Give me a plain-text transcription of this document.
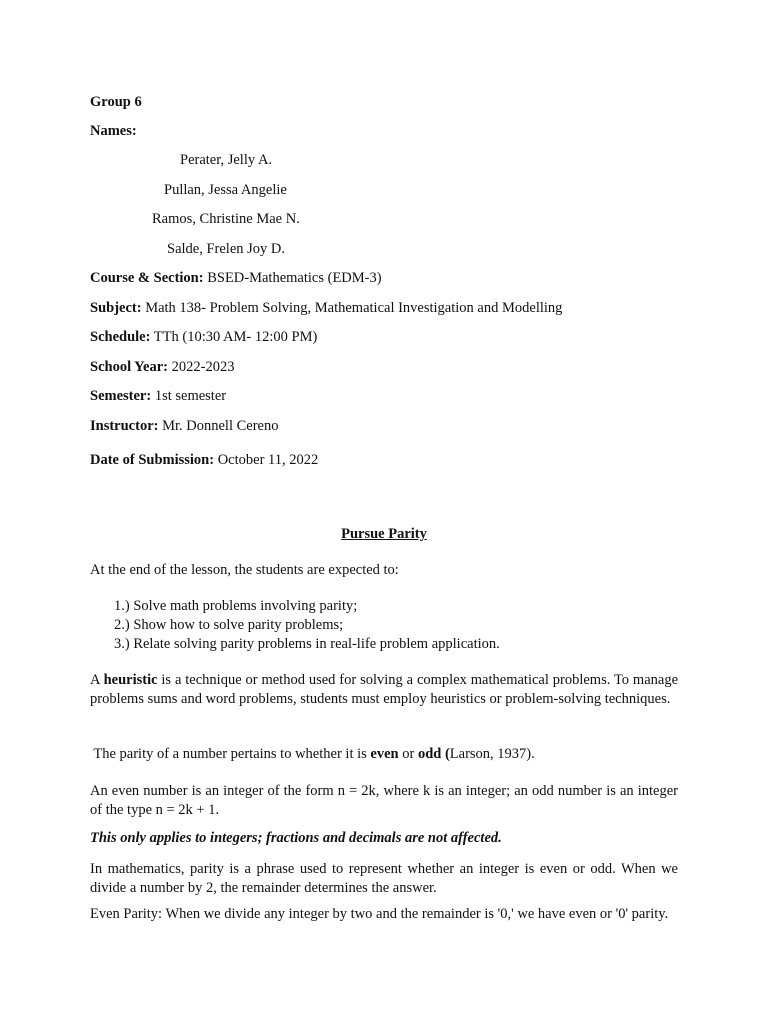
Group 6
Names:
Perater, Jelly A.
Pullan, Jessa Angelie
Ramos, Christine Mae N.
Salde, Frelen Joy D.
Course & Section: BSED-Mathematics (EDM-3)
Subject: Math 138- Problem Solving, Mathematical Investigation and Modelling
Schedule: TTh (10:30 AM- 12:00 PM)
School Year: 2022-2023
Semester: 1st semester
Instructor: Mr. Donnell Cereno
Date of Submission: October 11, 2022
Pursue Parity
At the end of the lesson, the students are expected to:
1.) Solve math problems involving parity;
2.) Show how to solve parity problems;
3.) Relate solving parity problems in real-life problem application.
A heuristic is a technique or method used for solving a complex mathematical problems. To manage problems sums and word problems, students must employ heuristics or problem-solving techniques.
The parity of a number pertains to whether it is even or odd (Larson, 1937).
An even number is an integer of the form n = 2k, where k is an integer; an odd number is an integer of the type n = 2k + 1.
This only applies to integers; fractions and decimals are not affected.
In mathematics, parity is a phrase used to represent whether an integer is even or odd. When we divide a number by 2, the remainder determines the answer.
Even Parity: When we divide any integer by two and the remainder is '0,' we have even or '0' parity.
